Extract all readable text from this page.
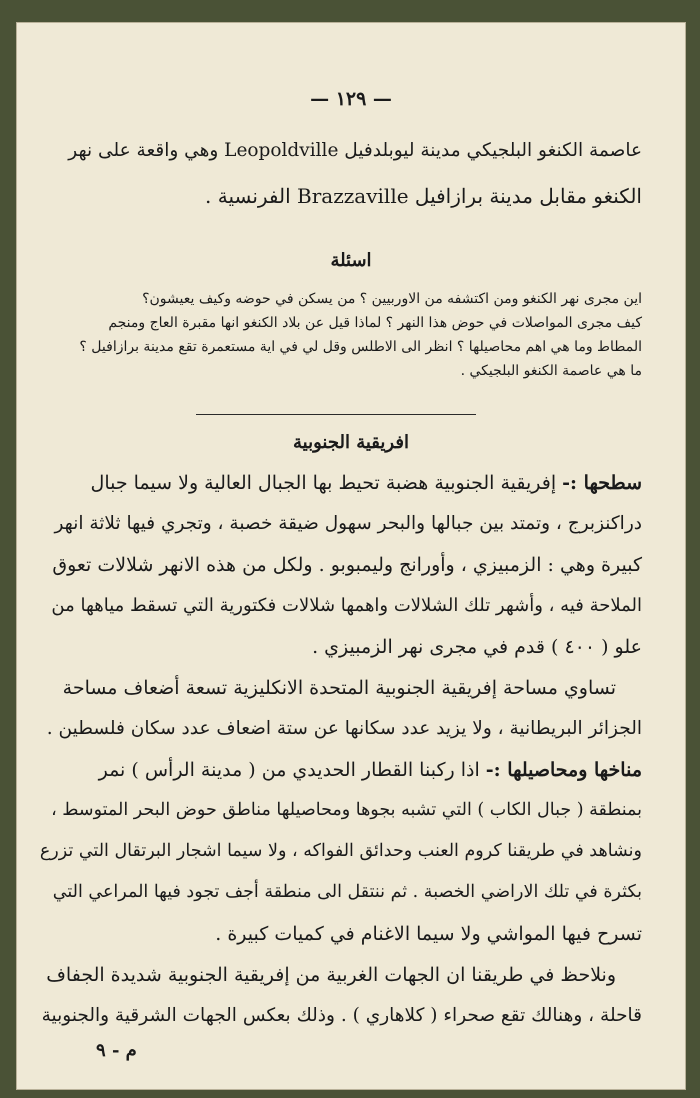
— ١٢٩ —
عاصمة الكنغو البلجيكي مدينة ليوبلدفيل Leopoldville وهي واقعة على نهر
الكنغو مقابل مدينة برازافيل Brazzaville الفرنسية .
اسئلة
اين مجرى نهر الكنغو ومن اكتشفه من الاوربيين ؟ من يسكن في حوضه وكيف يعيشون؟
كيف مجرى المواصلات في حوض هذا النهر ؟ لماذا قيل عن بلاد الكنغو انها مقبرة العاج ومنجم
المطاط وما هي اهم محاصيلها ؟ انظر الى الاطلس وقل لي في اية مستعمرة تقع مدينة برازافيل ؟
ما هي عاصمة الكنغو البلجيكي .
افريقية الجنوبية
سطحها :- إفريقية الجنوبية هضبة تحيط بها الجبال العالية ولا سيما جبال
دراكنزبرج ، وتمتد بين جبالها والبحر سهول ضيقة خصبة ، وتجري فيها ثلاثة انهر
كبيرة وهي : الزمبيزي ، وأورانج وليمبوبو . ولكل من هذه الانهر شلالات تعوق
الملاحة فيه ، وأشهر تلك الشلالات واهمها شلالات فكتورية التي تسقط مياهها من
علو ( ٤٠٠ ) قدم في مجرى نهر الزمبيزي .
تساوي مساحة إفريقية الجنوبية المتحدة الانكليزية تسعة أضعاف مساحة
الجزائر البريطانية ، ولا يزيد عدد سكانها عن ستة اضعاف عدد سكان فلسطين .
مناخها ومحاصيلها :- اذا ركبنا القطار الحديدي من ( مدينة الرأس ) نمر
بمنطقة ( جبال الكاب ) التي تشبه بجوها ومحاصيلها مناطق حوض البحر المتوسط ،
ونشاهد في طريقنا كروم العنب وحدائق الفواكه ، ولا سيما اشجار البرتقال التي تزرع
بكثرة في تلك الاراضي الخصبة . ثم ننتقل الى منطقة أجف تجود فيها المراعي التي
تسرح فيها المواشي ولا سيما الاغنام في كميات كبيرة .
ونلاحظ في طريقنا ان الجهات الغربية من إفريقية الجنوبية شديدة الجفاف
قاحلة ، وهنالك تقع صحراء ( كلاهاري ) . وذلك بعكس الجهات الشرقية والجنوبية
م - ٩
